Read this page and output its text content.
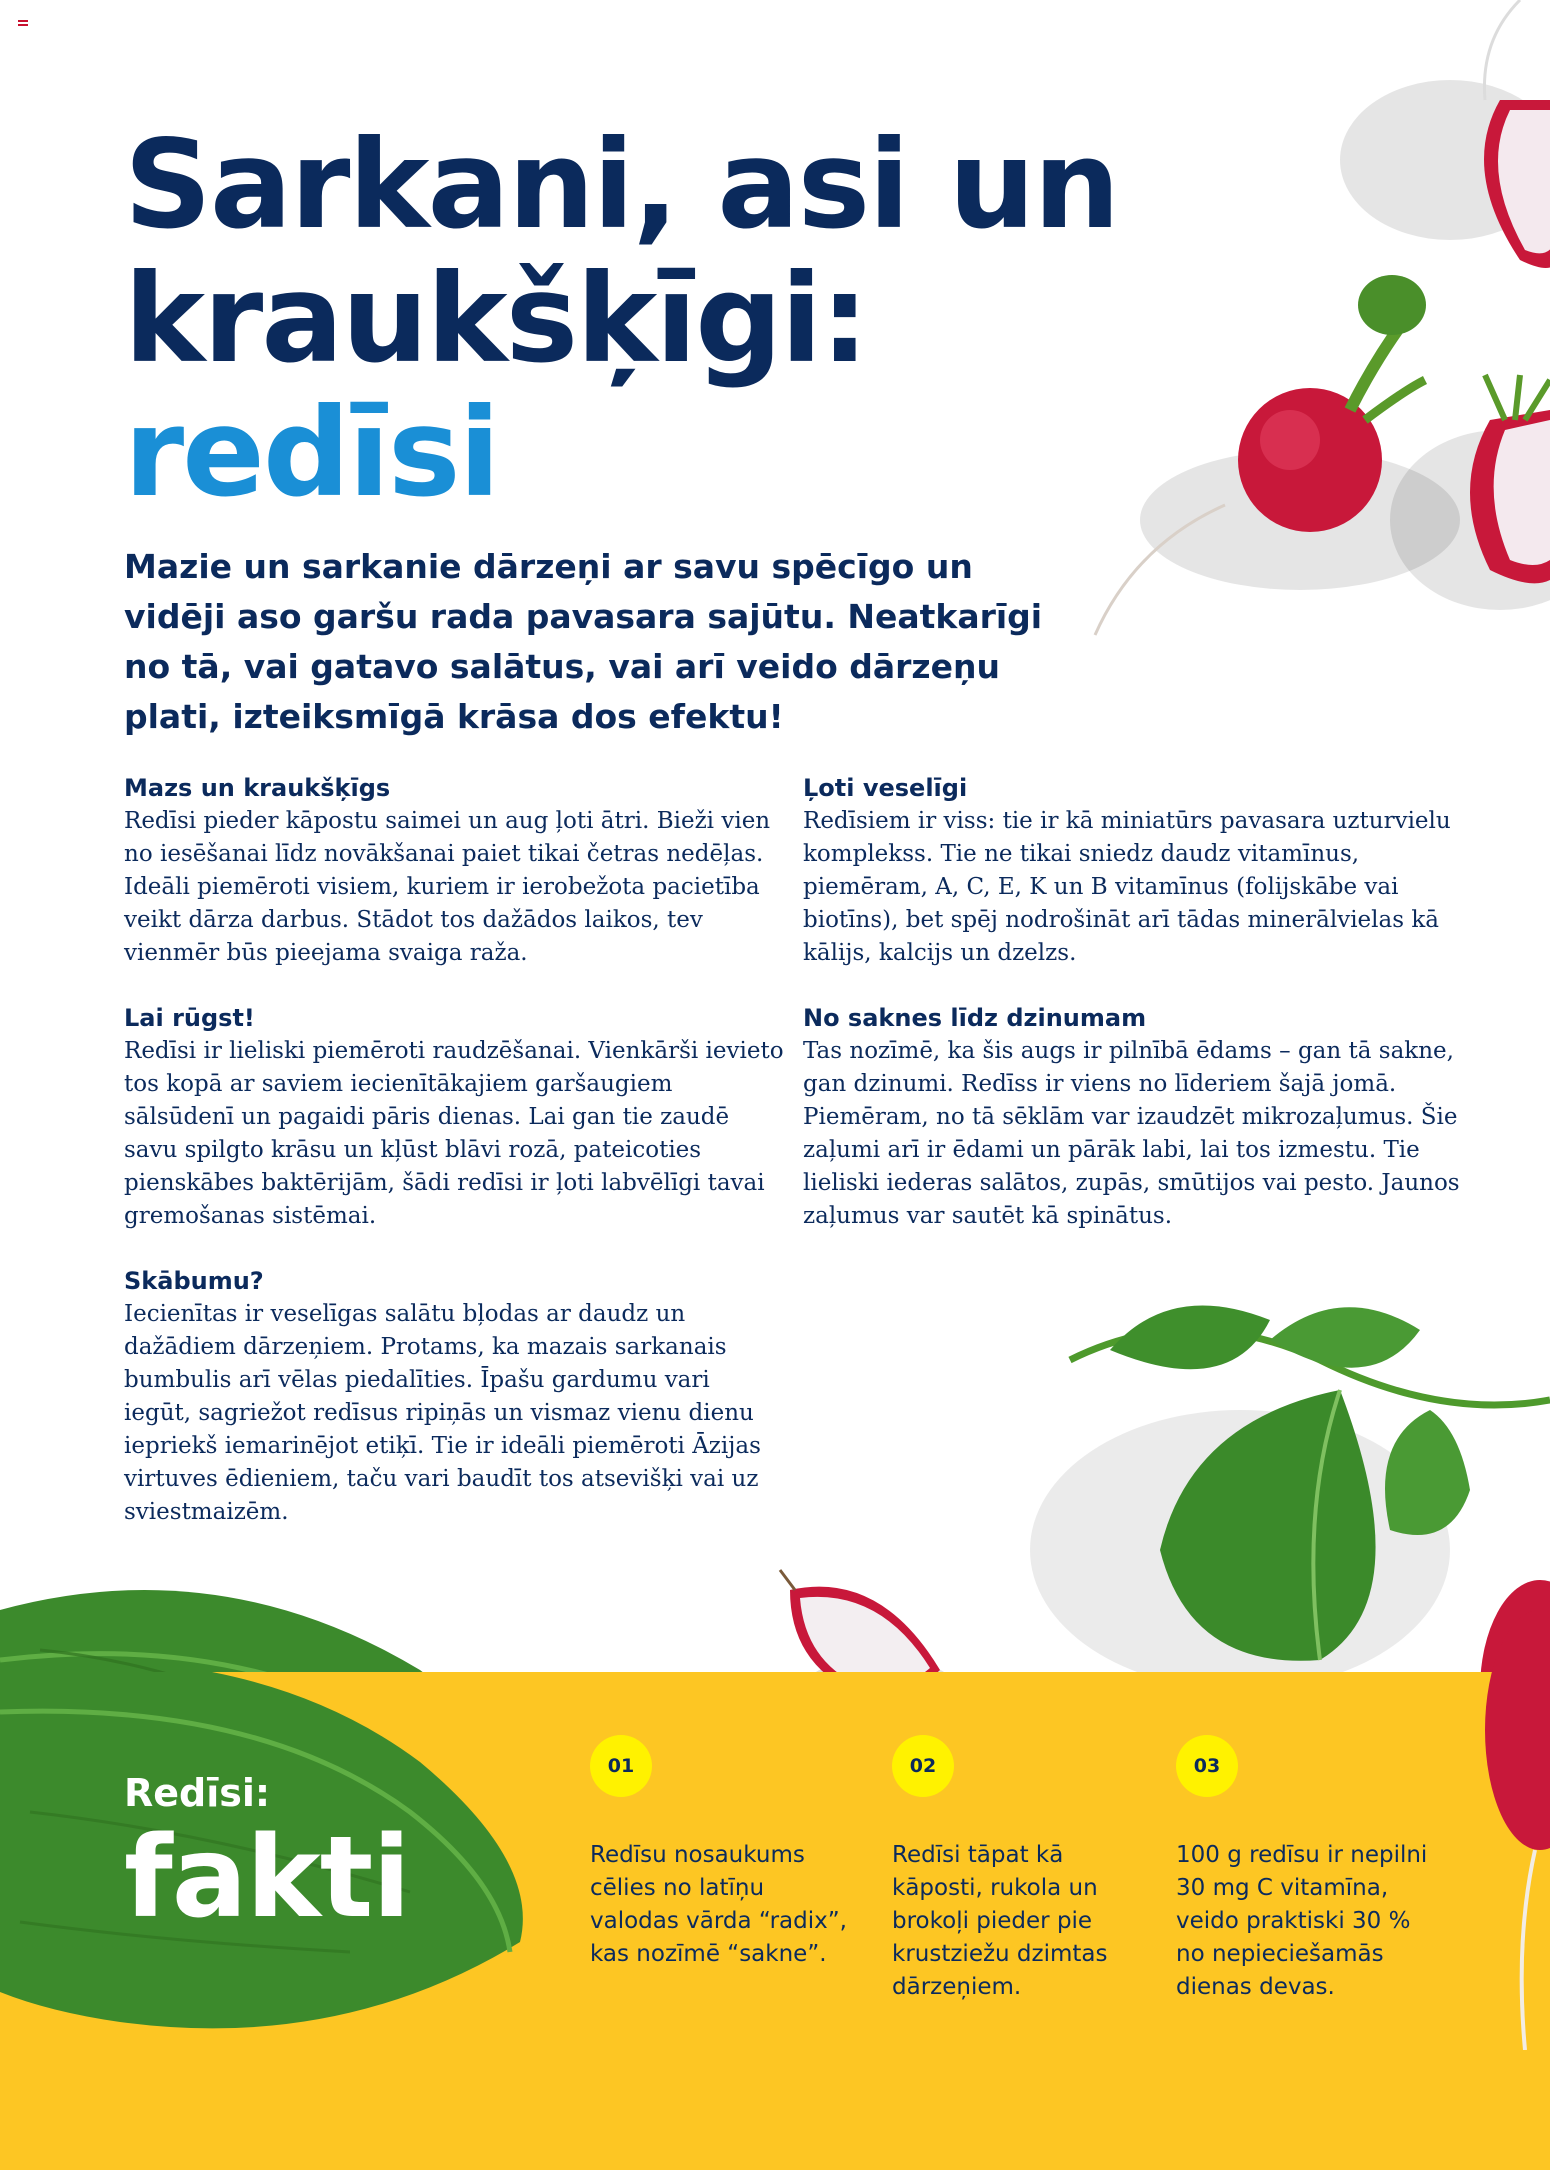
Sarkani, asi un
kraukšķīgi:
redīsi

Mazie un sarkanie dārzeņi ar savu spēcīgo un vidēji aso garšu rada pavasara sajūtu. Neatkarīgi no tā, vai gatavo salātus, vai arī veido dārzeņu plati, izteiksmīgā krāsa dos efektu!

Mazs un kraukšķīgs

Redīsi pieder kāpostu saimei un aug ļoti ātri. Bieži vien no iesēšanai līdz novākšanai paiet tikai četras nedēļas. Ideāli piemēroti visiem, kuriem ir ierobežota pacietība veikt dārza darbus. Stādot tos dažādos laikos, tev vienmēr būs pieejama svaiga raža.

Lai rūgst!

Redīsi ir lieliski piemēroti raudzēšanai. Vienkārši ievieto tos kopā ar saviem iecienītākajiem garšaugiem sālsūdenī un pagaidi pāris dienas. Lai gan tie zaudē savu spilgto krāsu un kļūst blāvi rozā, pateicoties pienskābes baktērijām, šādi redīsi ir ļoti labvēlīgi tavai gremošanas sistēmai.

Skābumu?

Iecienītas ir veselīgas salātu bļodas ar daudz un dažādiem dārzeņiem. Protams, ka mazais sarkanais bumbulis arī vēlas piedalīties. Īpašu gardumu vari iegūt, sagriežot redīsus ripiņās un vismaz vienu dienu iepriekš iemarinējot etiķī. Tie ir ideāli piemēroti Āzijas virtuves ēdieniem, taču vari baudīt tos atsevišķi vai uz sviestmaizēm.

Ļoti veselīgi

Redīsiem ir viss: tie ir kā miniatūrs pavasara uzturvielu komplekss. Tie ne tikai sniedz daudz vitamīnus, piemēram, A, C, E, K un B vitamīnus (folijskābe vai biotīns), bet spēj nodrošināt arī tādas minerālvielas kā kālijs, kalcijs un dzelzs.

No saknes līdz dzinumam

Tas nozīmē, ka šis augs ir pilnībā ēdams – gan tā sakne, gan dzinumi. Redīss ir viens no līderiem šajā jomā. Piemēram, no tā sēklām var izaudzēt mikrozaļumus. Šie zaļumi arī ir ēdami un pārāk labi, lai tos izmestu. Tie lieliski iederas salātos, zupās, smūtijos vai pesto. Jaunos zaļumus var sautēt kā spinātus.

Redīsi:

fakti

01

Redīsu nosaukums cēlies no latīņu valodas vārda “radix”, kas nozīmē “sakne”.

02

Redīsi tāpat kā kāposti, rukola un brokoļi pieder pie krustziežu dzimtas dārzeņiem.

03

100 g redīsu ir nepilni 30 mg C vitamīna, veido praktiski 30 % no nepieciešamās dienas devas.
